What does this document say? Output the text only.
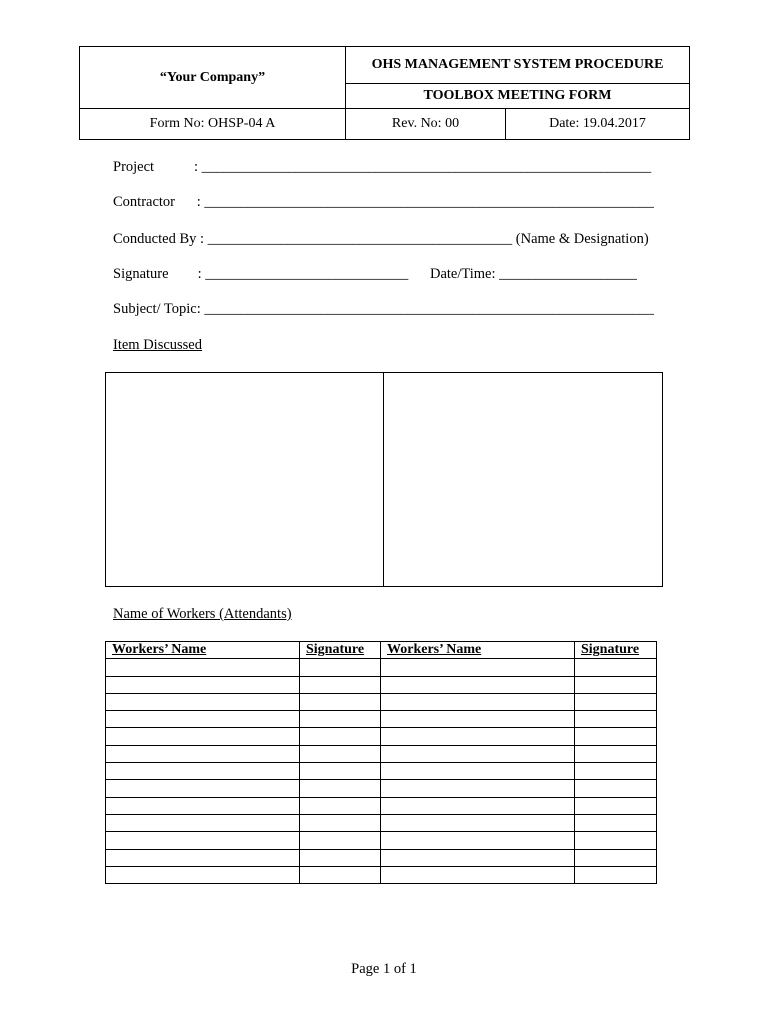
“Your Company”
OHS MANAGEMENT SYSTEM PROCEDURE
TOOLBOX MEETING FORM
Form No: OHSP-04 A	Rev. No: 00	Date: 19.04.2017
Project           : ______________________________________________________________
Contractor      : ______________________________________________________________
Conducted By : __________________________________________ (Name & Designation)
Signature        : ____________________________ Date/Time: ___________________
Subject/ Topic: ______________________________________________________________
Item Discussed
Name of Workers (Attendants)
Workers’ Name	Signature	Workers’ Name	Signature

Page 1 of 1
